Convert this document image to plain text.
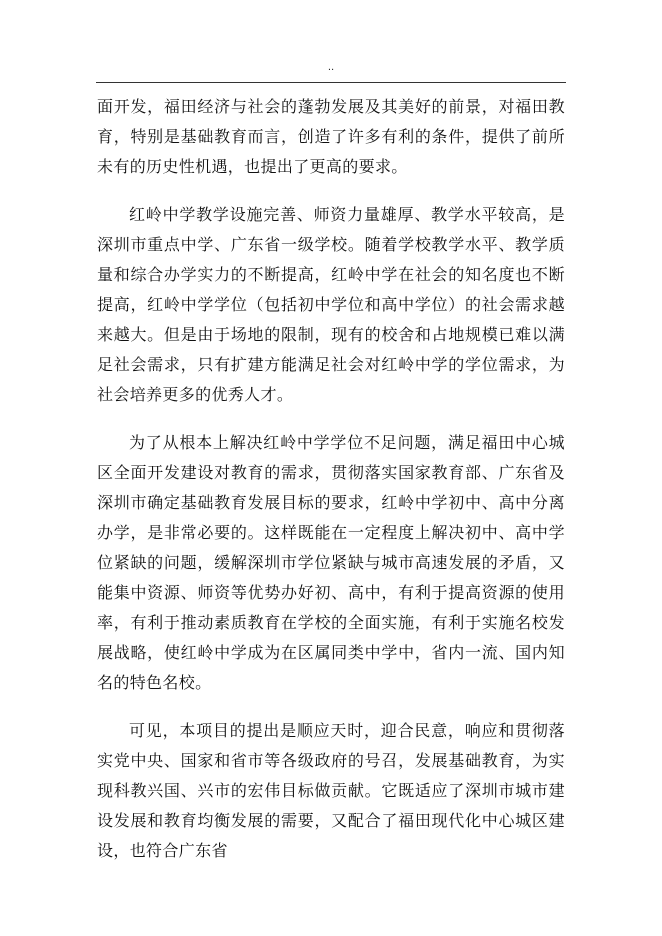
..

面开发，福田经济与社会的蓬勃发展及其美好的前景，对福田教育，特别是基础教育而言，创造了许多有利的条件，提供了前所未有的历史性机遇，也提出了更高的要求。

红岭中学教学设施完善、师资力量雄厚、教学水平较高，是深圳市重点中学、广东省一级学校。随着学校教学水平、教学质量和综合办学实力的不断提高，红岭中学在社会的知名度也不断提高，红岭中学学位（包括初中学位和高中学位）的社会需求越来越大。但是由于场地的限制，现有的校舍和占地规模已难以满足社会需求，只有扩建方能满足社会对红岭中学的学位需求，为社会培养更多的优秀人才。

为了从根本上解决红岭中学学位不足问题，满足福田中心城区全面开发建设对教育的需求，贯彻落实国家教育部、广东省及深圳市确定基础教育发展目标的要求，红岭中学初中、高中分离办学，是非常必要的。这样既能在一定程度上解决初中、高中学位紧缺的问题，缓解深圳市学位紧缺与城市高速发展的矛盾，又能集中资源、师资等优势办好初、高中，有利于提高资源的使用率，有利于推动素质教育在学校的全面实施，有利于实施名校发展战略，使红岭中学成为在区属同类中学中，省内一流、国内知名的特色名校。

可见，本项目的提出是顺应天时，迎合民意，响应和贯彻落实党中央、国家和省市等各级政府的号召，发展基础教育，为实现科教兴国、兴市的宏伟目标做贡献。它既适应了深圳市城市建设发展和教育均衡发展的需要，又配合了福田现代化中心城区建设，也符合广东省
